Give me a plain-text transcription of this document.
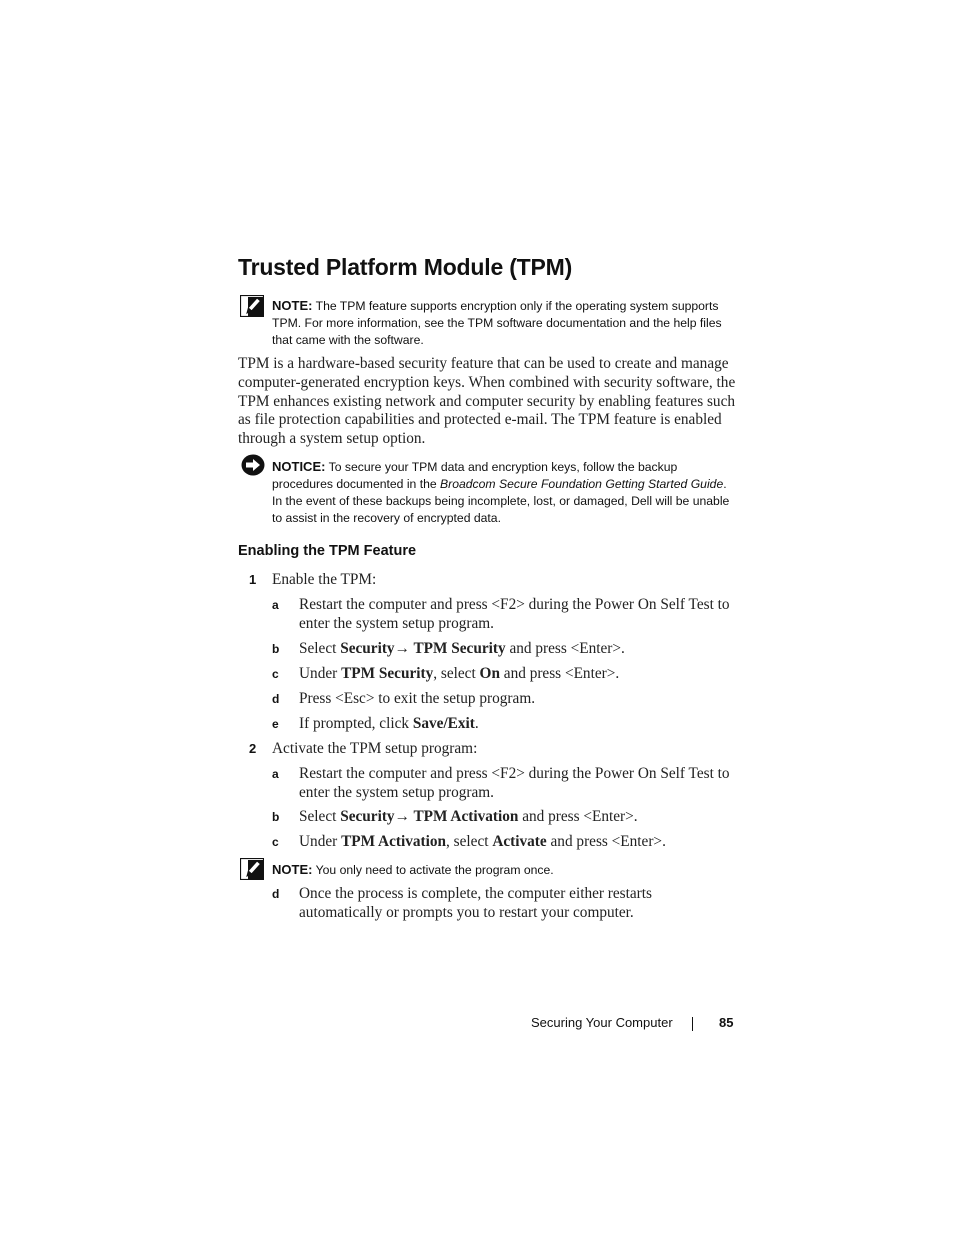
Trusted Platform Module (TPM)
NOTE: The TPM feature supports encryption only if the operating system supports TPM. For more information, see the TPM software documentation and the help files that came with the software.
TPM is a hardware-based security feature that can be used to create and manage computer-generated encryption keys. When combined with security software, the TPM enhances existing network and computer security by enabling features such as file protection capabilities and protected e-mail. The TPM feature is enabled through a system setup option.
NOTICE: To secure your TPM data and encryption keys, follow the backup procedures documented in the Broadcom Secure Foundation Getting Started Guide. In the event of these backups being incomplete, lost, or damaged, Dell will be unable to assist in the recovery of encrypted data.
Enabling the TPM Feature
1 Enable the TPM:
a Restart the computer and press <F2> during the Power On Self Test to enter the system setup program.
b Select Security→ TPM Security and press <Enter>.
c Under TPM Security, select On and press <Enter>.
d Press <Esc> to exit the setup program.
e If prompted, click Save/Exit.
2 Activate the TPM setup program:
a Restart the computer and press <F2> during the Power On Self Test to enter the system setup program.
b Select Security→ TPM Activation and press <Enter>.
c Under TPM Activation, select Activate and press <Enter>.
NOTE: You only need to activate the program once.
d Once the process is complete, the computer either restarts automatically or prompts you to restart your computer.
Securing Your Computer	85
